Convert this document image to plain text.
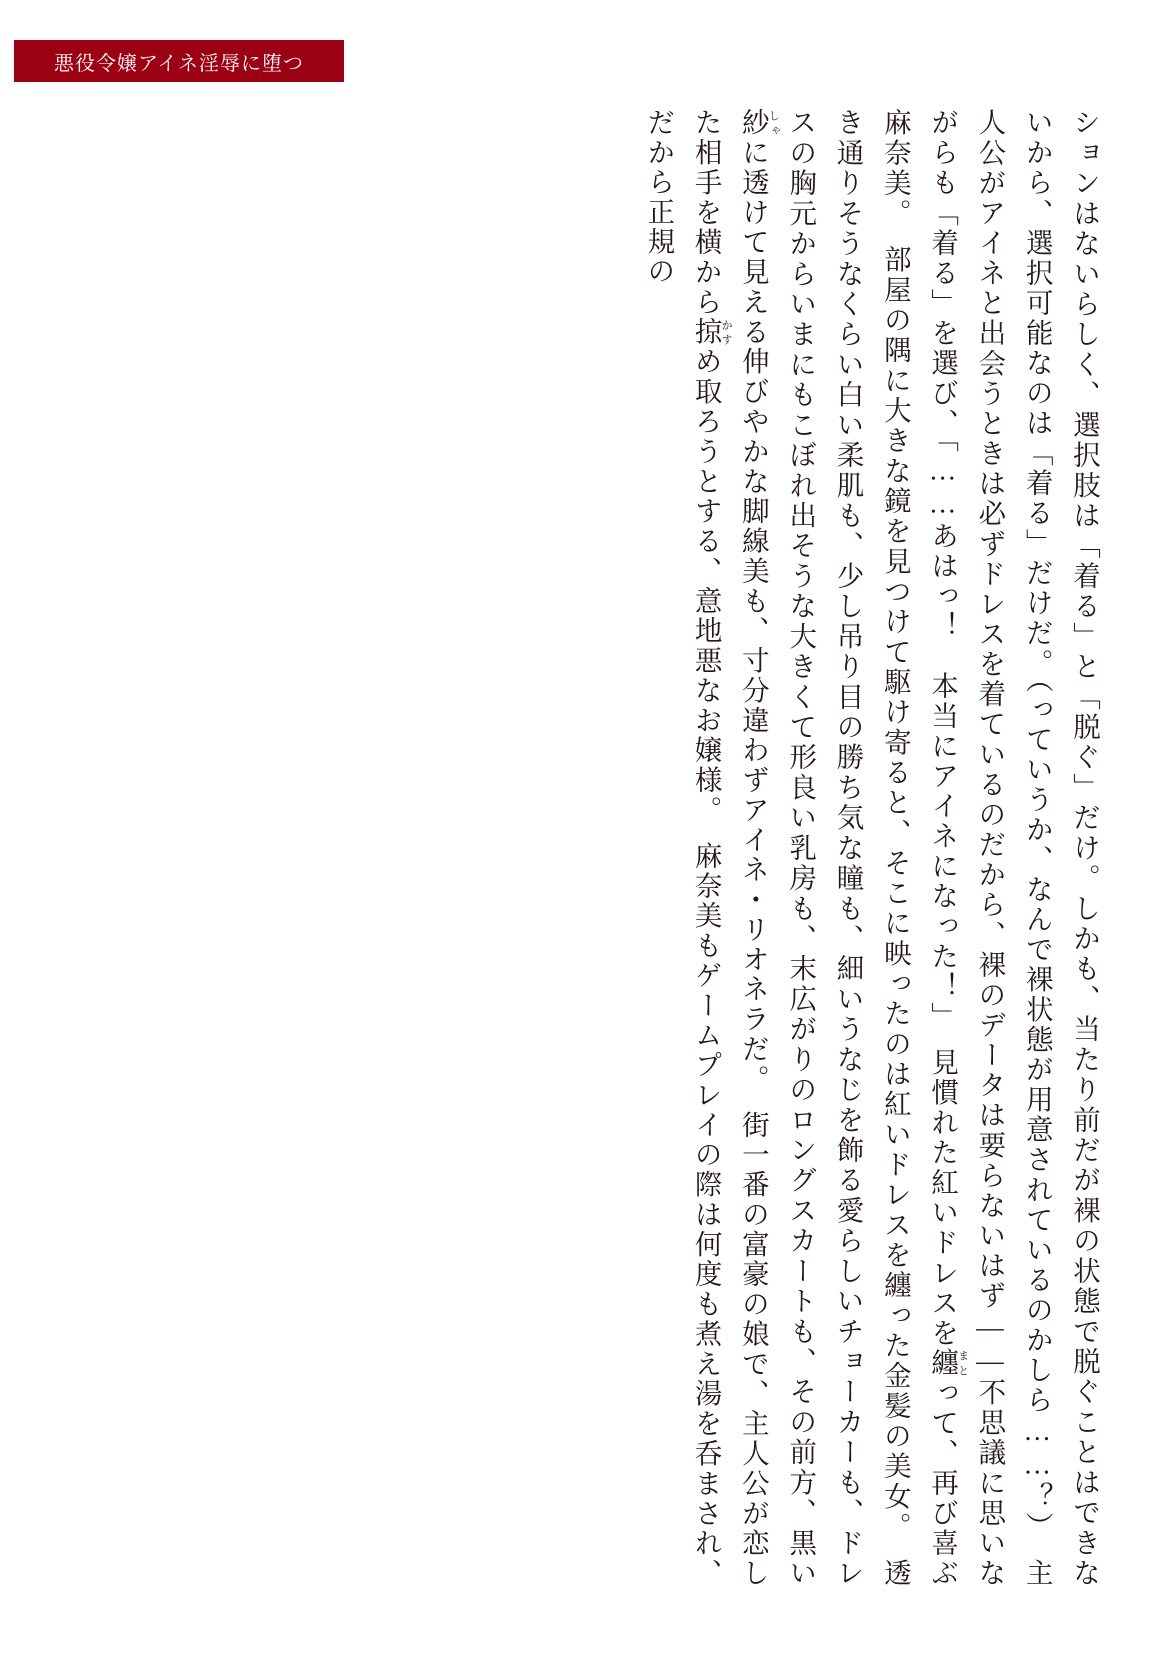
悪役令嬢アイネ淫辱に堕つ

ションはないらしく、選択肢は「着る」と「脱ぐ」だけ。しかも、当たり前だが裸の状態で脱ぐことはできないから、選択可能なのは「着る」だけだ。（っていうか、なんで裸状態が用意されているのかしら……？）　主人公がアイネと出会うときは必ずドレスを着ているのだから、裸のデータは要らないはず――不思議に思いながらも「着る」を選び、「……あはっ！　本当にアイネになった！」　見慣れた紅いドレスを纏まとって、再び喜ぶ麻奈美。　部屋の隅に大きな鏡を見つけて駆け寄ると、そこに映ったのは紅いドレスを纏った金髪の美女。　透き通りそうなくらい白い柔肌も、少し吊り目の勝ち気な瞳も、細いうなじを飾る愛らしいチョーカーも、ドレスの胸元からいまにもこぼれ出そうな大きくて形良い乳房も、末広がりのロングスカートも、その前方、黒い紗しゃに透けて見える伸びやかな脚線美も、寸分違わずアイネ・リオネラだ。　街一番の富豪の娘で、主人公が恋した相手を横から掠かすめ取ろうとする、意地悪なお嬢様。　麻奈美もゲームプレイの際は何度も煮え湯を呑まされ、だから正規の
